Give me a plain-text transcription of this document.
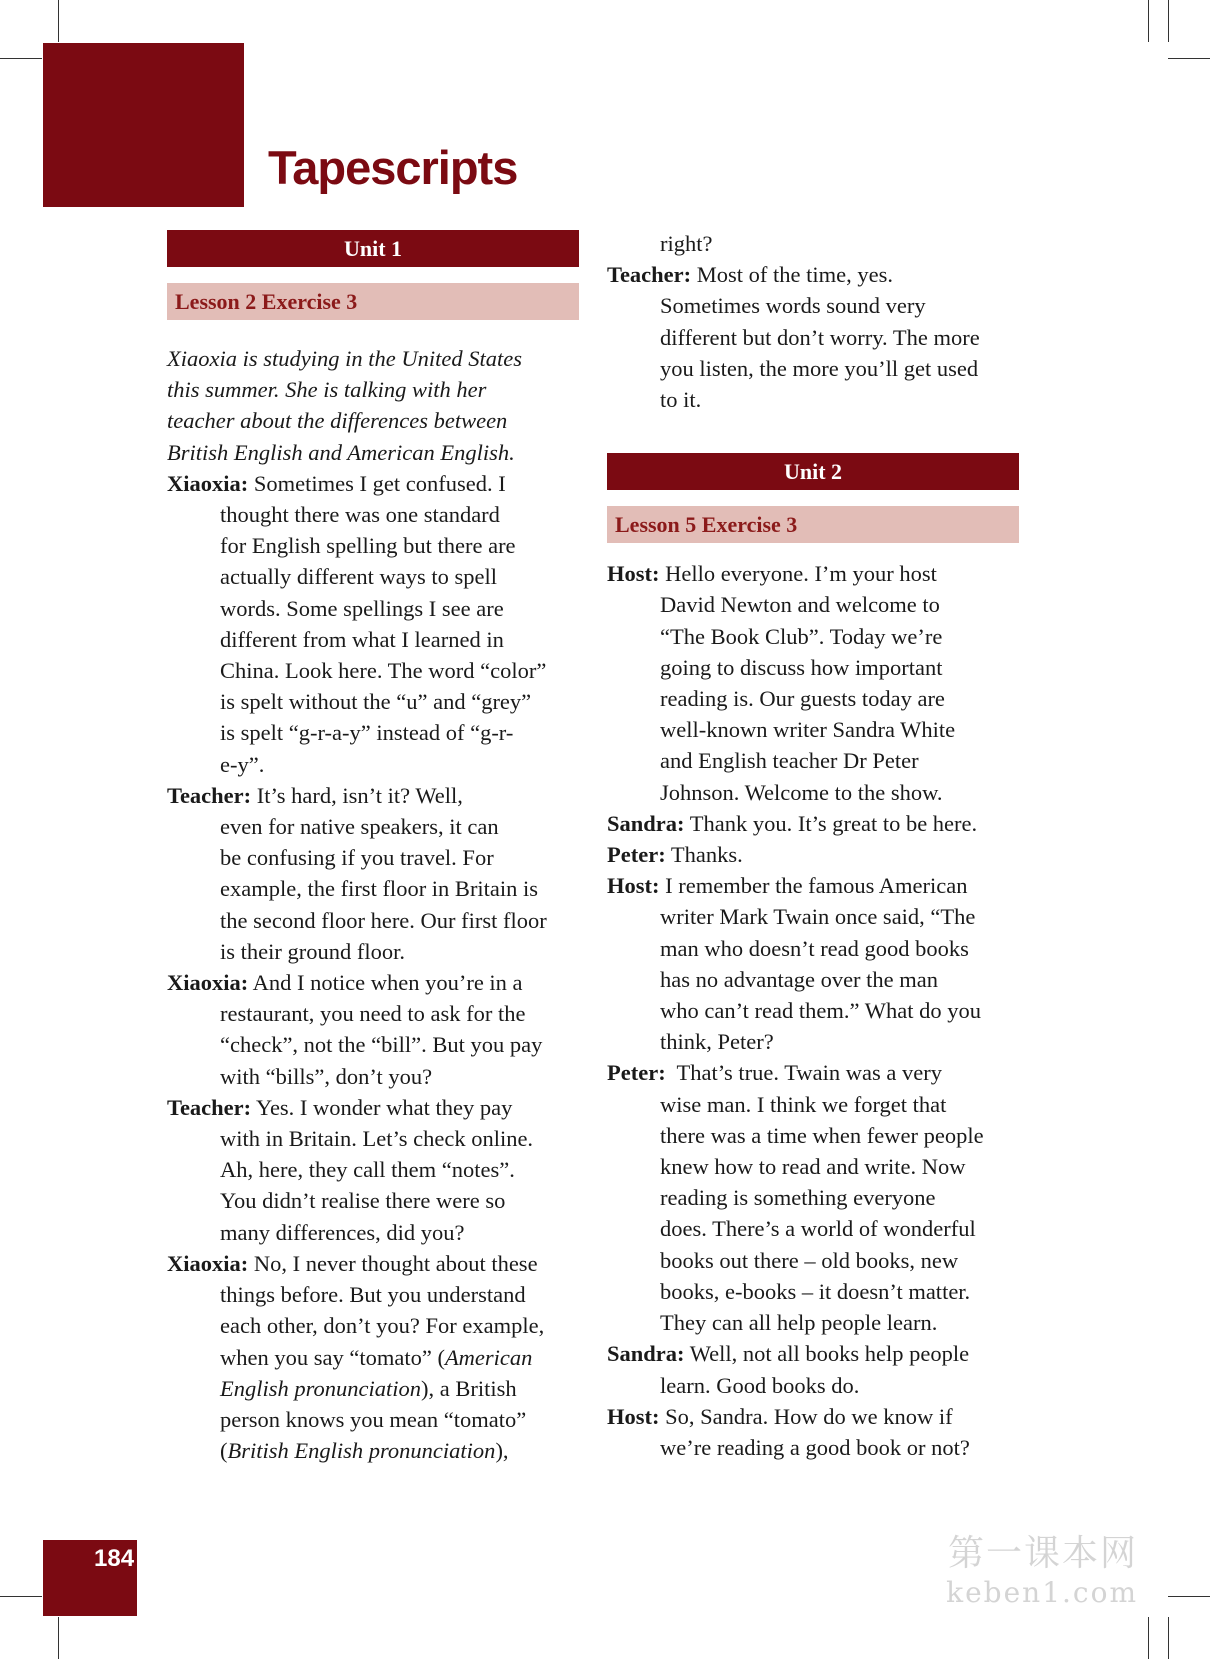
Tapescripts
Unit 1
Lesson 2 Exercise 3
Xiaoxia is studying in the United States
this summer. She is talking with her
teacher about the differences between
British English and American English.
Xiaoxia: Sometimes I get confused. I
thought there was one standard
for English spelling but there are
actually different ways to spell
words. Some spellings I see are
different from what I learned in
China. Look here. The word “color”
is spelt without the “u” and “grey”
is spelt “g-r-a-y” instead of “g-r-
e-y”.
Teacher: It’s hard, isn’t it? Well,
even for native speakers, it can
be confusing if you travel. For
example, the first floor in Britain is
the second floor here. Our first floor
is their ground floor.
Xiaoxia: And I notice when you’re in a
restaurant, you need to ask for the
“check”, not the “bill”. But you pay
with “bills”, don’t you?
Teacher: Yes. I wonder what they pay
with in Britain. Let’s check online.
Ah, here, they call them “notes”.
You didn’t realise there were so
many differences, did you?
Xiaoxia: No, I never thought about these
things before. But you understand
each other, don’t you? For example,
when you say “tomato” (American
English pronunciation), a British
person knows you mean “tomato”
(British English pronunciation),
right?
Teacher: Most of the time, yes.
Sometimes words sound very
different but don’t worry. The more
you listen, the more you’ll get used
to it.
Unit 2
Lesson 5 Exercise 3
Host: Hello everyone. I’m your host
David Newton and welcome to
“The Book Club”. Today we’re
going to discuss how important
reading is. Our guests today are
well-known writer Sandra White
and English teacher Dr Peter
Johnson. Welcome to the show.
Sandra: Thank you. It’s great to be here.
Peter: Thanks.
Host: I remember the famous American
writer Mark Twain once said, “The
man who doesn’t read good books
has no advantage over the man
who can’t read them.” What do you
think, Peter?
Peter:  That’s true. Twain was a very
wise man. I think we forget that
there was a time when fewer people
knew how to read and write. Now
reading is something everyone
does. There’s a world of wonderful
books out there – old books, new
books, e-books – it doesn’t matter.
They can all help people learn.
Sandra: Well, not all books help people
learn. Good books do.
Host: So, Sandra. How do we know if
we’re reading a good book or not?
第一课本网
keben1.com
184
